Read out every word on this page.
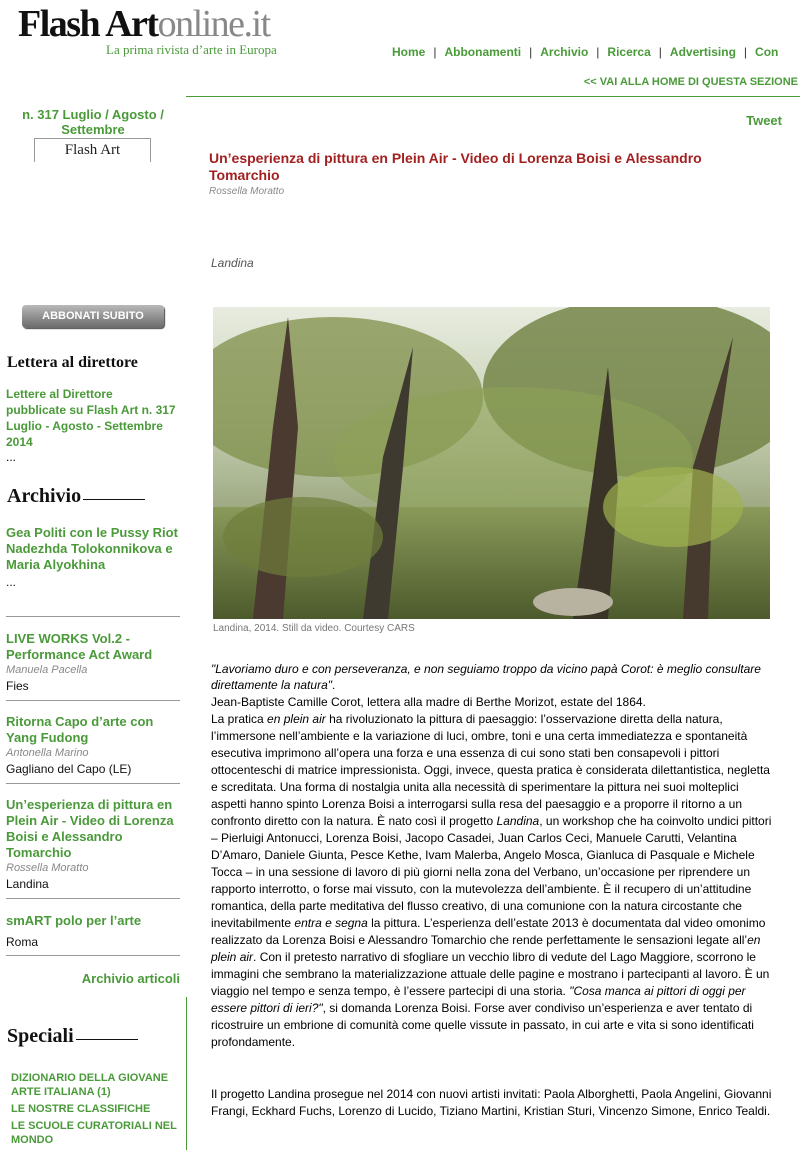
Flash Artonline.it
La prima rivista d’arte in Europa	Home | Abbonamenti | Archivio | Ricerca | Advertising | Con
<< VAI ALLA HOME DI QUESTA SEZIONE
n. 317 Luglio / Agosto / Settembre
Flash Art
ABBONATI SUBITO
Lettera al direttore
Lettere al Direttore pubblicate su Flash Art n. 317 Luglio - Agosto - Settembre 2014
...
Archivio
Gea Politi con le Pussy Riot Nadezhda Tolokonnikova e Maria Alyokhina
...
LIVE WORKS Vol.2 - Performance Act Award
Manuela Pacella
Fies
Ritorna Capo d’arte con Yang Fudong
Antonella Marino
Gagliano del Capo (LE)
Un’esperienza di pittura en Plein Air - Video di Lorenza Boisi e Alessandro Tomarchio
Rossella Moratto
Landina
smART polo per l’arte
Roma
Archivio articoli
Speciali
DIZIONARIO DELLA GIOVANE ARTE ITALIANA (1)
LE NOSTRE CLASSIFICHE
LE SCUOLE CURATORIALI NEL MONDO
Tweet
Un’esperienza di pittura en Plein Air - Video di Lorenza Boisi e Alessandro Tomarchio
Rossella Moratto
Landina
Landina, 2014. Still da video. Courtesy CARS
"Lavoriamo duro e con perseveranza, e non seguiamo troppo da vicino papà Corot: è meglio consultare direttamente la natura".
Jean-Baptiste Camille Corot, lettera alla madre di Berthe Morizot, estate del 1864.
La pratica en plein air ha rivoluzionato la pittura di paesaggio: l’osservazione diretta della natura, l’immersone nell’ambiente e la variazione di luci, ombre, toni e una certa immediatezza e spontaneità esecutiva imprimono all’opera una forza e una essenza di cui sono stati ben consapevoli i pittori ottocenteschi di matrice impressionista. Oggi, invece, questa pratica è considerata dilettantistica, negletta e screditata. Una forma di nostalgia unita alla necessità di sperimentare la pittura nei suoi molteplici aspetti hanno spinto Lorenza Boisi a interrogarsi sulla resa del paesaggio e a proporre il ritorno a un confronto diretto con la natura. È nato così il progetto Landina, un workshop che ha coinvolto undici pittori – Pierluigi Antonucci, Lorenza Boisi, Jacopo Casadei, Juan Carlos Ceci, Manuele Carutti, Velantina D’Amaro, Daniele Giunta, Pesce Kethe, Ivam Malerba, Angelo Mosca, Gianluca di Pasquale e Michele Tocca – in una sessione di lavoro di più giorni nella zona del Verbano, un’occasione per riprendere un rapporto interrotto, o forse mai vissuto, con la mutevolezza dell’ambiente. È il recupero di un’attitudine romantica, della parte meditativa del flusso creativo, di una comunione con la natura circostante che inevitabilmente entra e segna la pittura. L’esperienza dell’estate 2013 è documentata dal video omonimo realizzato da Lorenza Boisi e Alessandro Tomarchio che rende perfettamente le sensazioni legate all’en plein air. Con il pretesto narrativo di sfogliare un vecchio libro di vedute del Lago Maggiore, scorrono le immagini che sembrano la materializzazione attuale delle pagine e mostrano i partecipanti al lavoro. È un viaggio nel tempo e senza tempo, è l’essere partecipi di una storia. "Cosa manca ai pittori di oggi per essere pittori di ieri?", si domanda Lorenza Boisi. Forse aver condiviso un’esperienza e aver tentato di ricostruire un embrione di comunità come quelle vissute in passato, in cui arte e vita si sono identificati profondamente.
Il progetto Landina prosegue nel 2014 con nuovi artisti invitati: Paola Alborghetti, Paola Angelini, Giovanni Frangi, Eckhard Fuchs, Lorenzo di Lucido, Tiziano Martini, Kristian Sturi, Vincenzo Simone, Enrico Tealdi.
